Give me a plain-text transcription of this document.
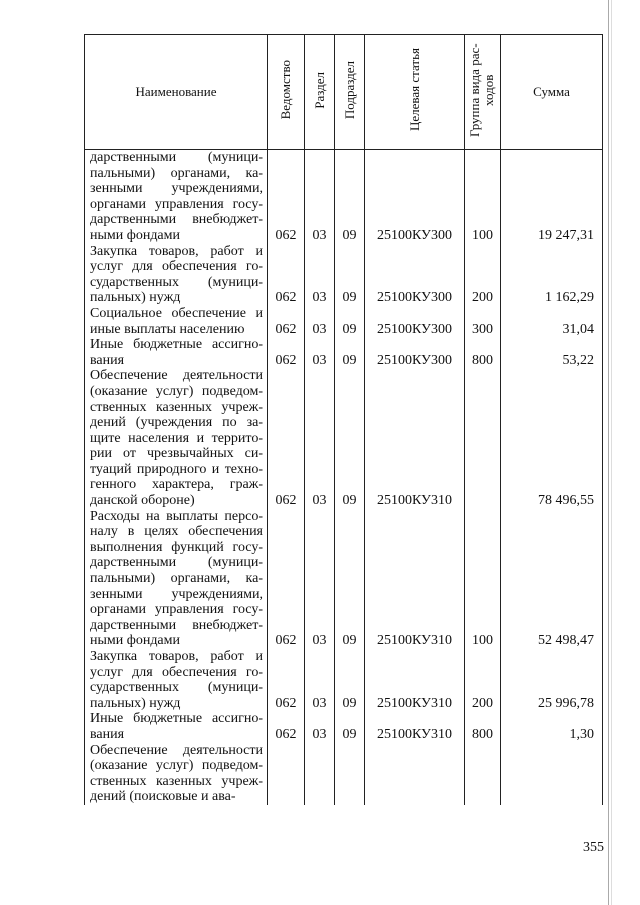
Наименование	Ведомство	Раздел	Подраздел	Целевая статья	Группа вида рас-ходов	Сумма
дарственными (муници-пальными) органами, ка-зенными учреждениями, органами управления госу-дарственными внебюджет-ными фондами	062	03	09	25100КУ300	100	19 247,31
Закупка товаров, работ и услуг для обеспечения го-сударственных (муници-пальных) нужд	062	03	09	25100КУ300	200	1 162,29
Социальное обеспечение и иные выплаты населению	062	03	09	25100КУ300	300	31,04
Иные бюджетные ассигно-вания	062	03	09	25100КУ300	800	53,22
Обеспечение деятельности (оказание услуг) подведом-ственных казенных учреж-дений (учреждения по за-щите населения и террито-рии от чрезвычайных си-туаций природного и техно-генного характера, граж-данской обороне)	062	03	09	25100КУ310		78 496,55
Расходы на выплаты персо-налу в целях обеспечения выполнения функций госу-дарственными (муници-пальными) органами, ка-зенными учреждениями, органами управления госу-дарственными внебюджет-ными фондами	062	03	09	25100КУ310	100	52 498,47
Закупка товаров, работ и услуг для обеспечения го-сударственных (муници-пальных) нужд	062	03	09	25100КУ310	200	25 996,78
Иные бюджетные ассигно-вания	062	03	09	25100КУ310	800	1,30
Обеспечение деятельности (оказание услуг) подведом-ственных казенных учреж-дений (поисковые и ава-						
355
